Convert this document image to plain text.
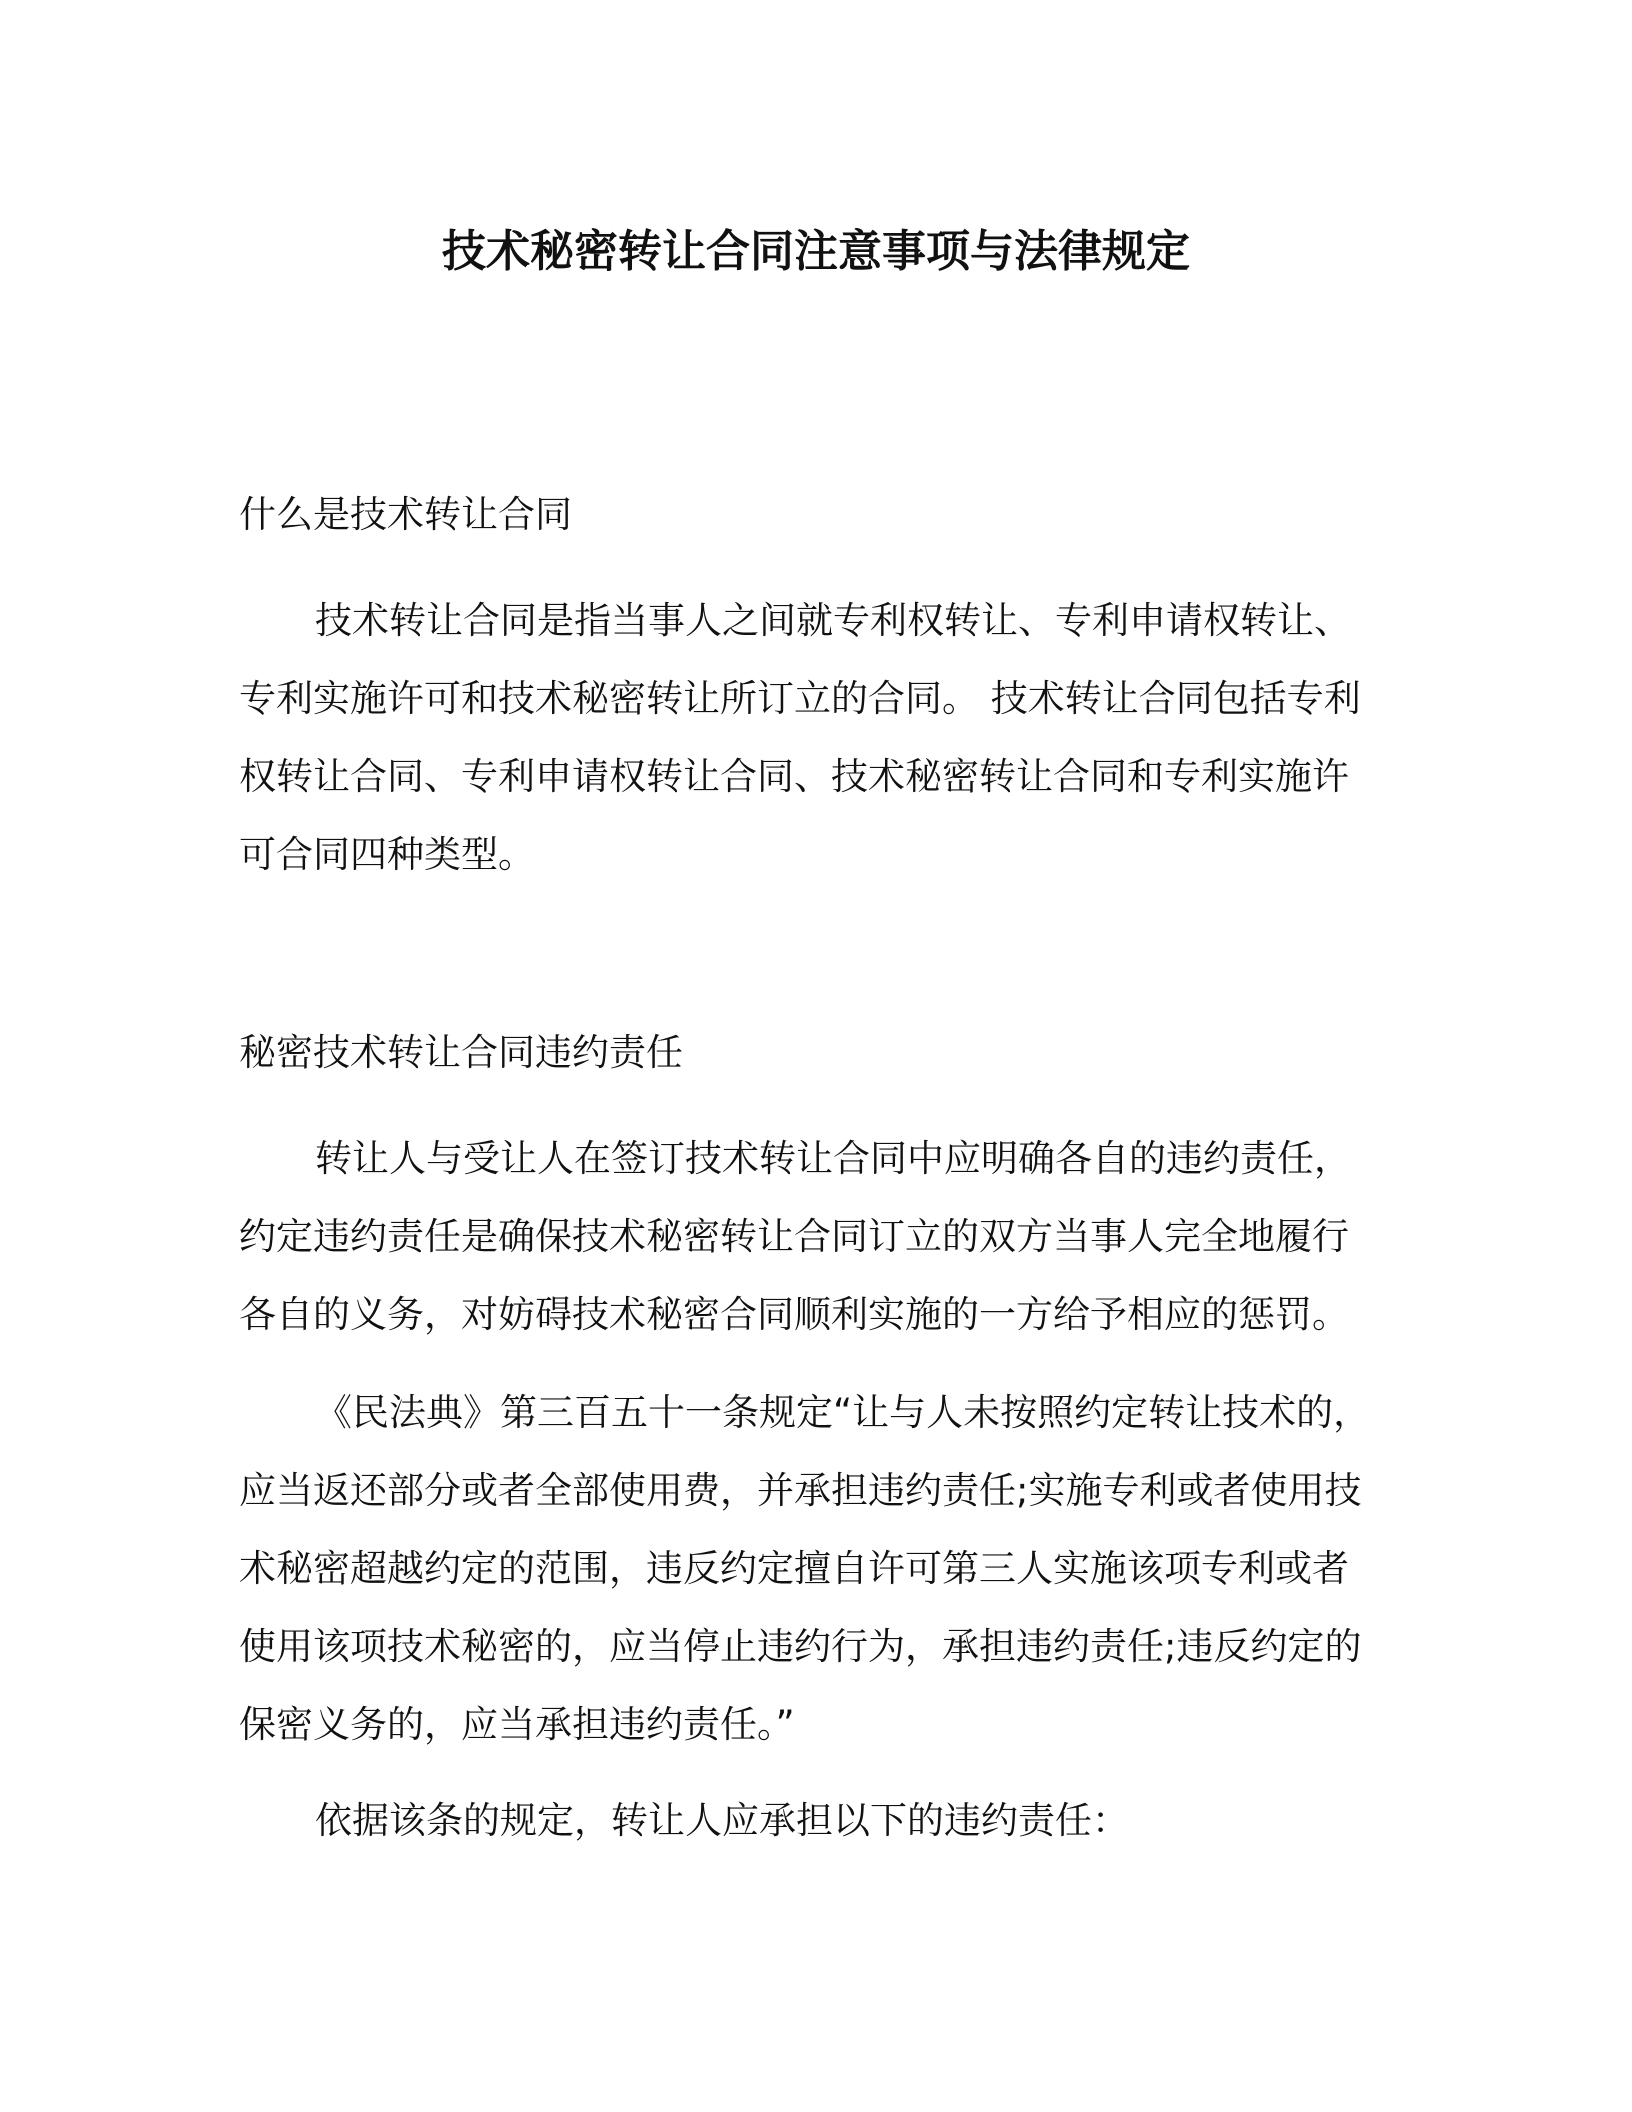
技术秘密转让合同注意事项与法律规定
什么是技术转让合同

技术转让合同是指当事人之间就专利权转让、专利申请权转让、
专利实施许可和技术秘密转让所订立的合同。 技术转让合同包括专利
权转让合同、专利申请权转让合同、技术秘密转让合同和专利实施许
可合同四种类型。

秘密技术转让合同违约责任

转让人与受让人在签订技术转让合同中应明确各自的违约责任，
约定违约责任是确保技术秘密转让合同订立的双方当事人完全地履行
各自的义务，对妨碍技术秘密合同顺利实施的一方给予相应的惩罚。

《民法典》第三百五十一条规定“让与人未按照约定转让技术的，
应当返还部分或者全部使用费，并承担违约责任;实施专利或者使用技
术秘密超越约定的范围，违反约定擅自许可第三人实施该项专利或者
使用该项技术秘密的，应当停止违约行为，承担违约责任;违反约定的
保密义务的，应当承担违约责任。”

依据该条的规定，转让人应承担以下的违约责任：
